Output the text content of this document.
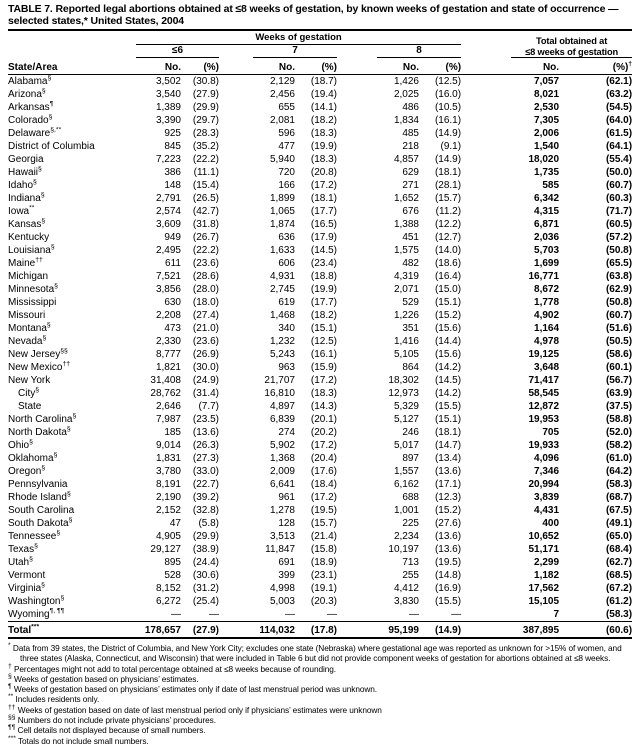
TABLE 7. Reported legal abortions obtained at ≤8 weeks of gestation, by known weeks of gestation and state of occurrence —
selected states,* United States, 2004

	Weeks of gestation						Total obtained at
≤8 weeks of gestation	

	≤6		7		8			

State/Area	No.	(%)	No.	(%)	No.	(%)	No.	(%)†
Alabama§	3,502	(30.8)	2,129	(18.7)	1,426	(12.5)	7,057	(62.1)
Arizona§	3,540	(27.9)	2,456	(19.4)	2,025	(16.0)	8,021	(63.2)
Arkansas¶	1,389	(29.9)	655	(14.1)	486	(10.5)	2,530	(54.5)
Colorado§	3,390	(29.7)	2,081	(18.2)	1,834	(16.1)	7,305	(64.0)
Delaware§,**	925	(28.3)	596	(18.3)	485	(14.9)	2,006	(61.5)
District of Columbia	845	(35.2)	477	(19.9)	218	(9.1)	1,540	(64.1)
Georgia	7,223	(22.2)	5,940	(18.3)	4,857	(14.9)	18,020	(55.4)
Hawaii§	386	(11.1)	720	(20.8)	629	(18.1)	1,735	(50.0)
Idaho§	148	(15.4)	166	(17.2)	271	(28.1)	585	(60.7)
Indiana§	2,791	(26.5)	1,899	(18.1)	1,652	(15.7)	6,342	(60.3)
Iowa**	2,574	(42.7)	1,065	(17.7)	676	(11.2)	4,315	(71.7)
Kansas§	3,609	(31.8)	1,874	(16.5)	1,388	(12.2)	6,871	(60.5)
Kentucky	949	(26.7)	636	(17.9)	451	(12.7)	2,036	(57.2)
Louisiana§	2,495	(22.2)	1,633	(14.5)	1,575	(14.0)	5,703	(50.8)
Maine††	611	(23.6)	606	(23.4)	482	(18.6)	1,699	(65.5)
Michigan	7,521	(28.6)	4,931	(18.8)	4,319	(16.4)	16,771	(63.8)
Minnesota§	3,856	(28.0)	2,745	(19.9)	2,071	(15.0)	8,672	(62.9)
Mississippi	630	(18.0)	619	(17.7)	529	(15.1)	1,778	(50.8)
Missouri	2,208	(27.4)	1,468	(18.2)	1,226	(15.2)	4,902	(60.7)
Montana§	473	(21.0)	340	(15.1)	351	(15.6)	1,164	(51.6)
Nevada§	2,330	(23.6)	1,232	(12.5)	1,416	(14.4)	4,978	(50.5)
New Jersey§§	8,777	(26.9)	5,243	(16.1)	5,105	(15.6)	19,125	(58.6)
New Mexico††	1,821	(30.0)	963	(15.9)	864	(14.2)	3,648	(60.1)
New York	31,408	(24.9)	21,707	(17.2)	18,302	(14.5)	71,417	(56.7)
City§	28,762	(31.4)	16,810	(18.3)	12,973	(14.2)	58,545	(63.9)
State	2,646	(7.7)	4,897	(14.3)	5,329	(15.5)	12,872	(37.5)
North Carolina§	7,987	(23.5)	6,839	(20.1)	5,127	(15.1)	19,953	(58.8)
North Dakota§	185	(13.6)	274	(20.2)	246	(18.1)	705	(52.0)
Ohio§	9,014	(26.3)	5,902	(17.2)	5,017	(14.7)	19,933	(58.2)
Oklahoma§	1,831	(27.3)	1,368	(20.4)	897	(13.4)	4,096	(61.0)
Oregon§	3,780	(33.0)	2,009	(17.6)	1,557	(13.6)	7,346	(64.2)
Pennsylvania	8,191	(22.7)	6,641	(18.4)	6,162	(17.1)	20,994	(58.3)
Rhode Island§	2,190	(39.2)	961	(17.2)	688	(12.3)	3,839	(68.7)
South Carolina	2,152	(32.8)	1,278	(19.5)	1,001	(15.2)	4,431	(67.5)
South Dakota§	47	(5.8)	128	(15.7)	225	(27.6)	400	(49.1)
Tennessee§	4,905	(29.9)	3,513	(21.4)	2,234	(13.6)	10,652	(65.0)
Texas§	29,127	(38.9)	11,847	(15.8)	10,197	(13.6)	51,171	(68.4)
Utah§	895	(24.4)	691	(18.9)	713	(19.5)	2,299	(62.7)
Vermont	528	(30.6)	399	(23.1)	255	(14.8)	1,182	(68.5)
Virginia§	8,152	(31.2)	4,998	(19.1)	4,412	(16.9)	17,562	(67.2)
Washington§	6,272	(25.4)	5,003	(20.3)	3,830	(15.5)	15,105	(61.2)
Wyoming¶, ¶¶	—	—	—	—	—	—	7	(58.3)
Total***	178,657	(27.9)	114,032	(17.8)	95,199	(14.9)	387,895	(60.6)
* Data from 39 states, the District of Columbia, and New York City; excludes one state (Nebraska) where gestational age was reported as unknown for >15% of women, and three states (Alaska, Connecticut, and Wisconsin) that were included in Table 6 but did not provide component weeks of gestation for abortions obtained at ≤8 weeks.
† Percentages might not add to total percentage obtained at ≤8 weeks because of rounding.
§ Weeks of gestation based on physicians’ estimates.
¶ Weeks of gestation based on physicians’ estimates only if date of last menstrual period was unknown.
** Includes residents only.
†† Weeks of gestation based on date of last menstrual period only if physicians’ estimates were unknown
§§ Numbers do not include private physicians’ procedures.
¶¶ Cell details not displayed because of small numbers.
*** Totals do not include small numbers.
